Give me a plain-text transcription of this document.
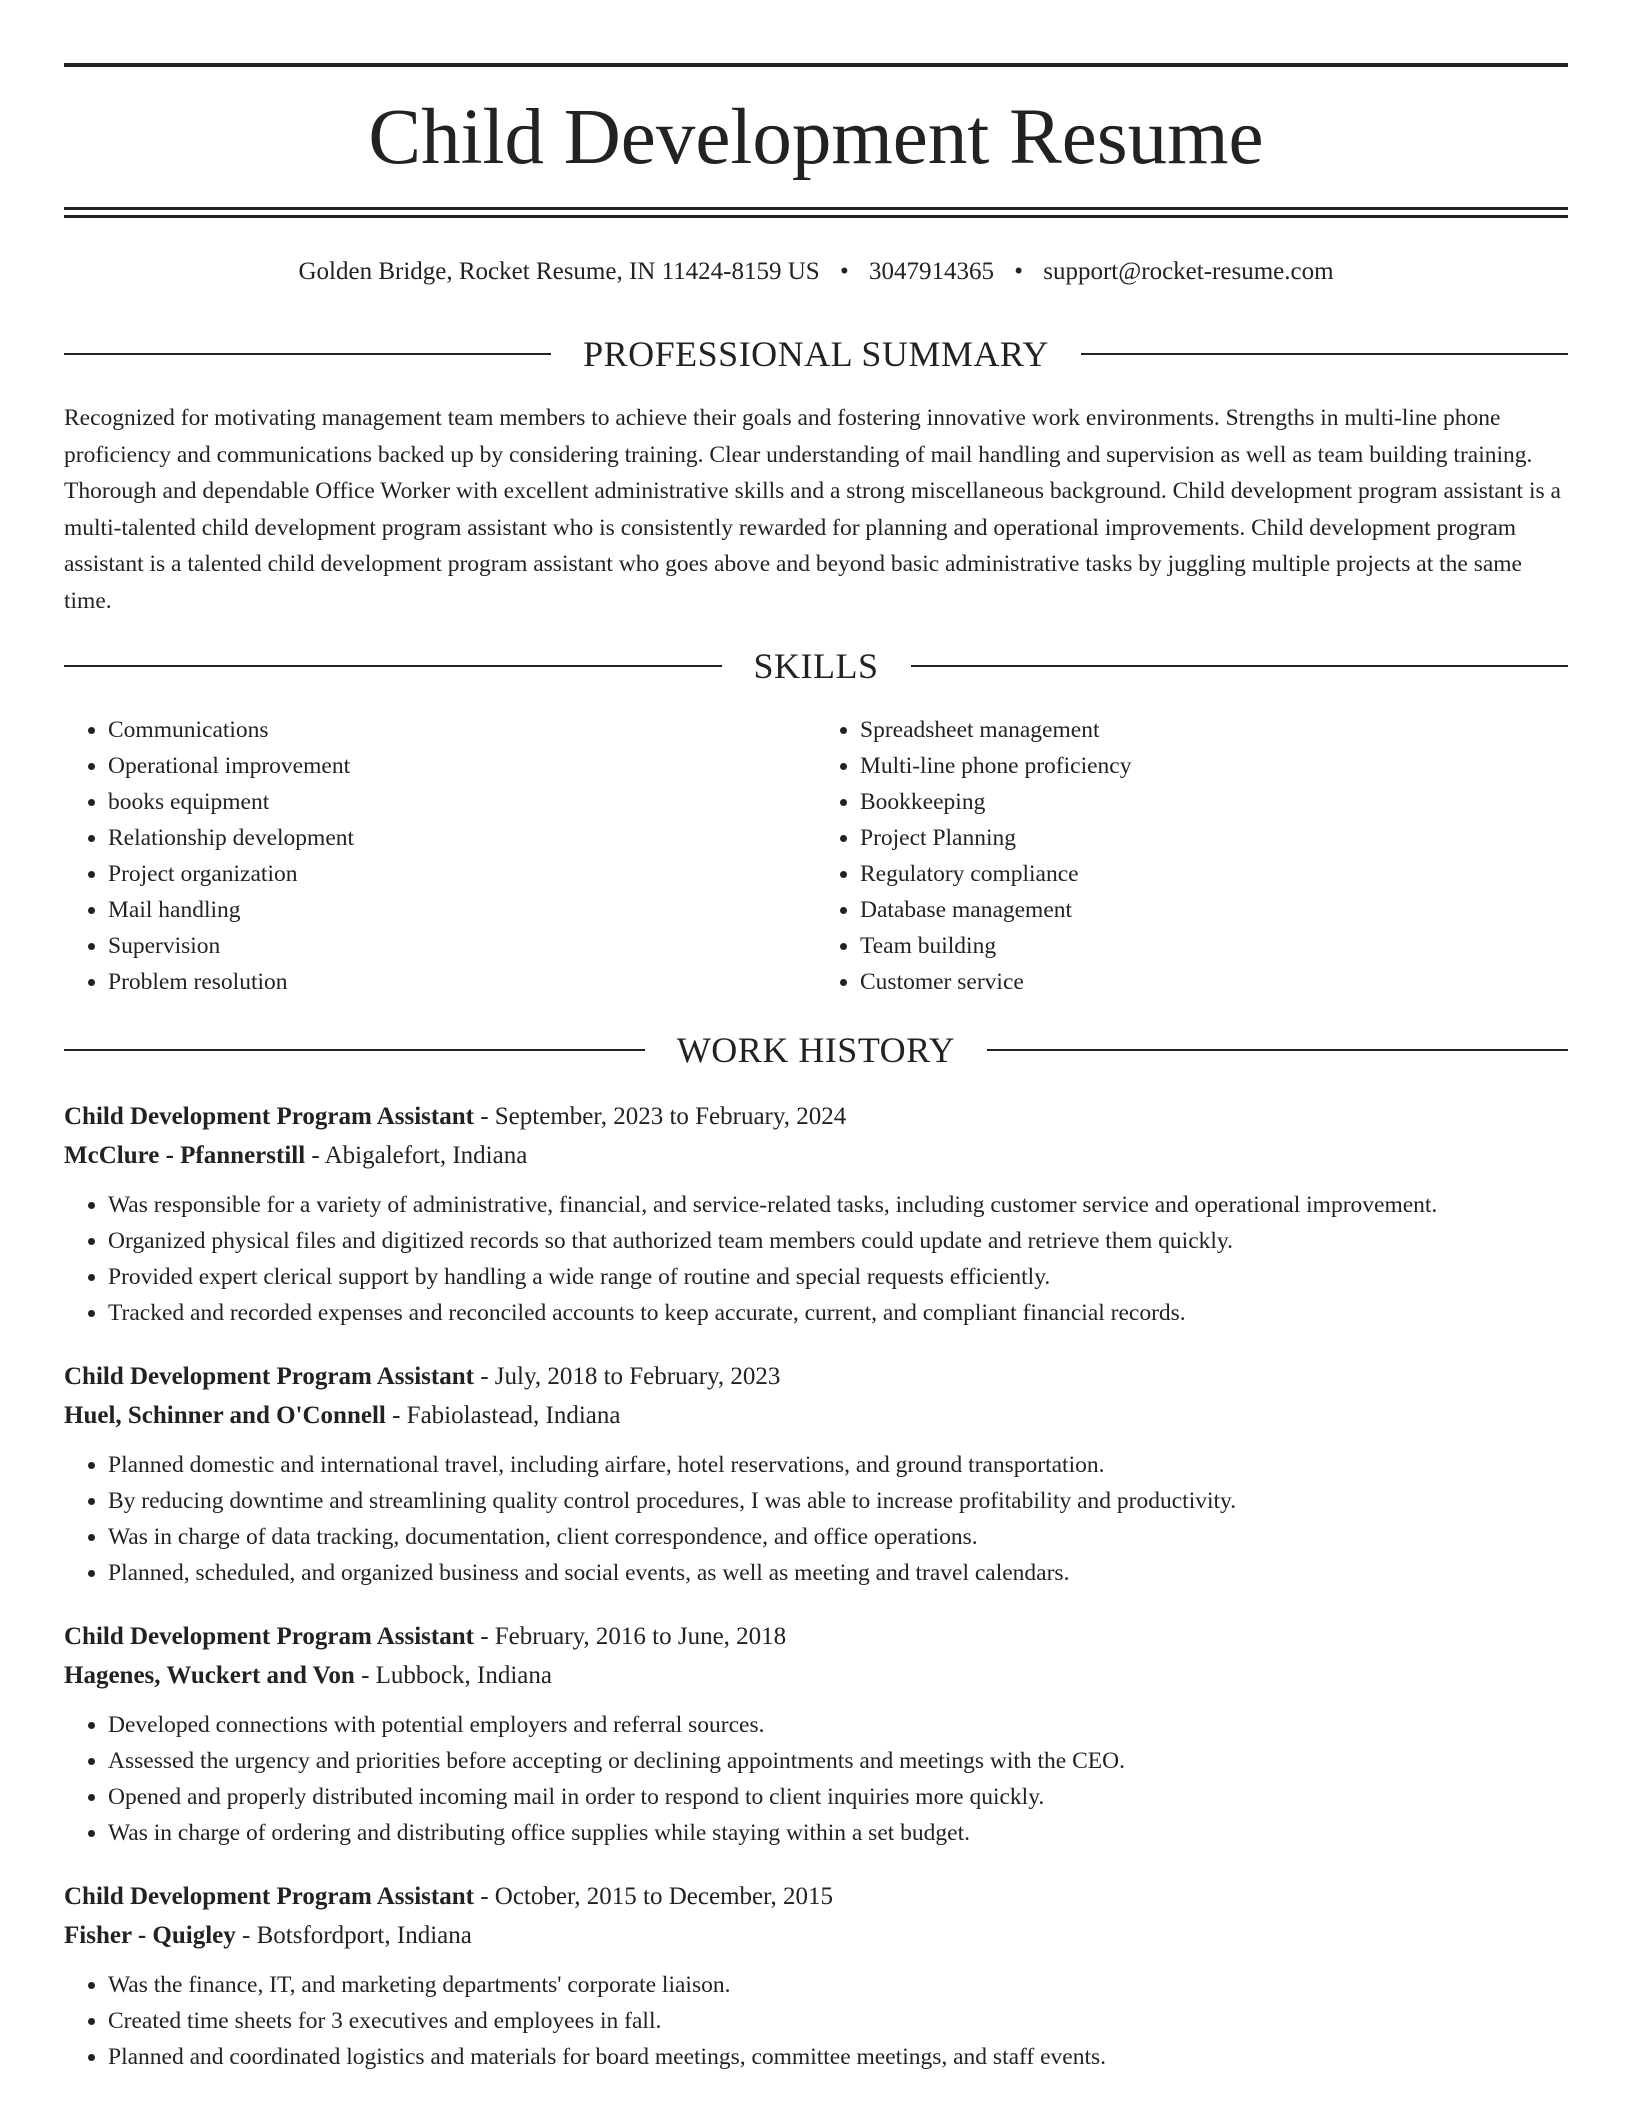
Child Development Resume
Golden Bridge, Rocket Resume, IN 11424-8159 US • 3047914365 • support@rocket-resume.com
PROFESSIONAL SUMMARY

Recognized for motivating management team members to achieve their goals and fostering innovative work environments. Strengths in multi-line phone proficiency and communications backed up by considering training. Clear understanding of mail handling and supervision as well as team building training. Thorough and dependable Office Worker with excellent administrative skills and a strong miscellaneous background. Child development program assistant is a multi-talented child development program assistant who is consistently rewarded for planning and operational improvements. Child development program assistant is a talented child development program assistant who goes above and beyond basic administrative tasks by juggling multiple projects at the same time.

SKILLS
• Communications
• Operational improvement
• books equipment
• Relationship development
• Project organization
• Mail handling
• Supervision
• Problem resolution
• Spreadsheet management
• Multi-line phone proficiency
• Bookkeeping
• Project Planning
• Regulatory compliance
• Database management
• Team building
• Customer service
WORK HISTORY
Child Development Program Assistant - September, 2023 to February, 2024
McClure - Pfannerstill - Abigalefort, Indiana
• Was responsible for a variety of administrative, financial, and service-related tasks, including customer service and operational improvement.
• Organized physical files and digitized records so that authorized team members could update and retrieve them quickly.
• Provided expert clerical support by handling a wide range of routine and special requests efficiently.
• Tracked and recorded expenses and reconciled accounts to keep accurate, current, and compliant financial records.
Child Development Program Assistant - July, 2018 to February, 2023
Huel, Schinner and O'Connell - Fabiolastead, Indiana
• Planned domestic and international travel, including airfare, hotel reservations, and ground transportation.
• By reducing downtime and streamlining quality control procedures, I was able to increase profitability and productivity.
• Was in charge of data tracking, documentation, client correspondence, and office operations.
• Planned, scheduled, and organized business and social events, as well as meeting and travel calendars.
Child Development Program Assistant - February, 2016 to June, 2018
Hagenes, Wuckert and Von - Lubbock, Indiana
• Developed connections with potential employers and referral sources.
• Assessed the urgency and priorities before accepting or declining appointments and meetings with the CEO.
• Opened and properly distributed incoming mail in order to respond to client inquiries more quickly.
• Was in charge of ordering and distributing office supplies while staying within a set budget.
Child Development Program Assistant - October, 2015 to December, 2015
Fisher - Quigley - Botsfordport, Indiana
• Was the finance, IT, and marketing departments' corporate liaison.
• Created time sheets for 3 executives and employees in fall.
• Planned and coordinated logistics and materials for board meetings, committee meetings, and staff events.
